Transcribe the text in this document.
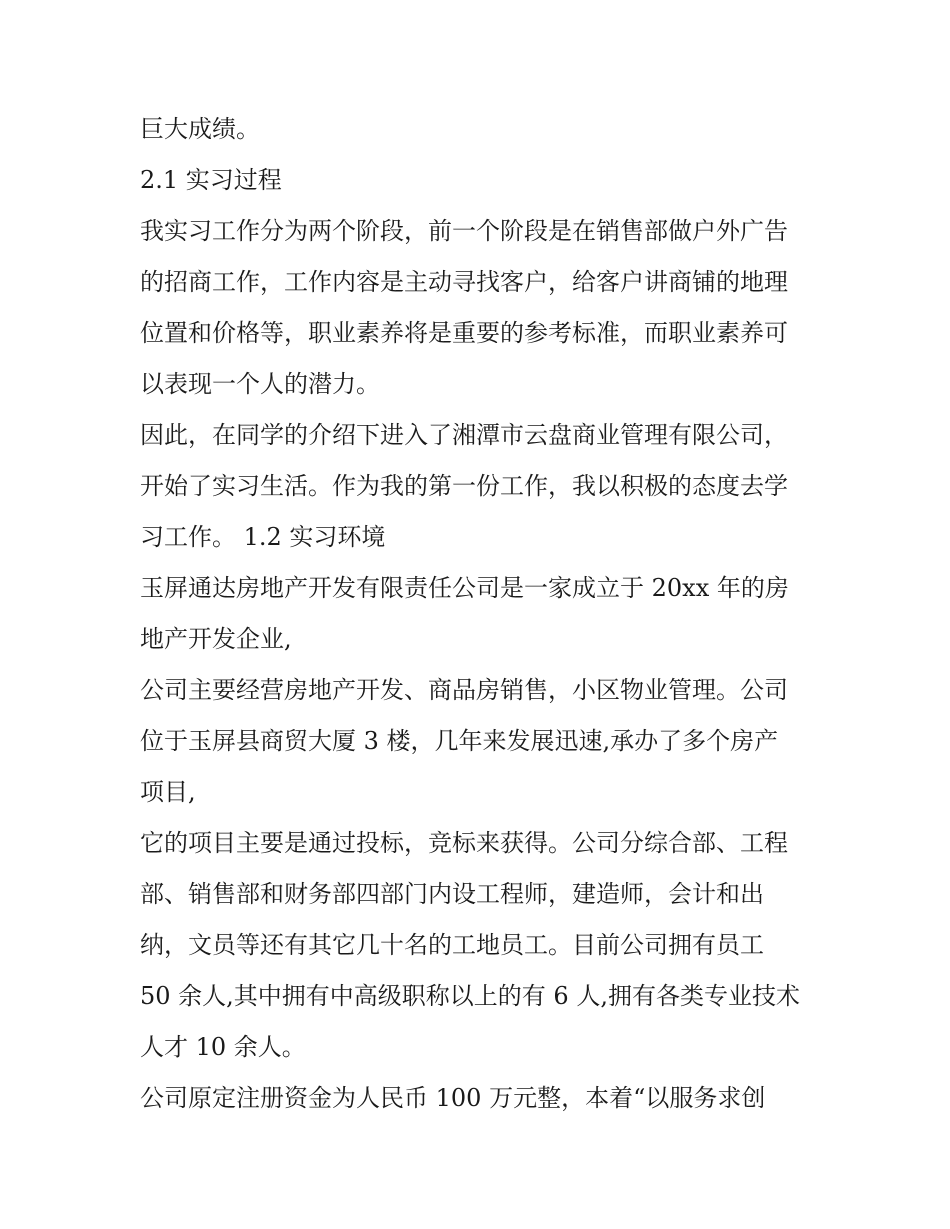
巨大成绩。

2.1 实习过程

我实习工作分为两个阶段，前一个阶段是在销售部做户外广告

的招商工作，工作内容是主动寻找客户，给客户讲商铺的地理

位置和价格等，职业素养将是重要的参考标准，而职业素养可

以表现一个人的潜力。

因此，在同学的介绍下进入了湘潭市云盘商业管理有限公司，

开始了实习生活。作为我的第一份工作，我以积极的态度去学

习工作。 1.2 实习环境

玉屏通达房地产开发有限责任公司是一家成立于 20xx 年的房

地产开发企业,

公司主要经营房地产开发、商品房销售，小区物业管理。公司

位于玉屏县商贸大厦 3 楼，几年来发展迅速,承办了多个房产

项目,

它的项目主要是通过投标，竞标来获得。公司分综合部、工程

部、销售部和财务部四部门内设工程师，建造师，会计和出

纳，文员等还有其它几十名的工地员工。目前公司拥有员工

50 余人,其中拥有中高级职称以上的有 6 人,拥有各类专业技术

人才 10 余人。

公司原定注册资金为人民币 100 万元整，本着“以服务求创
